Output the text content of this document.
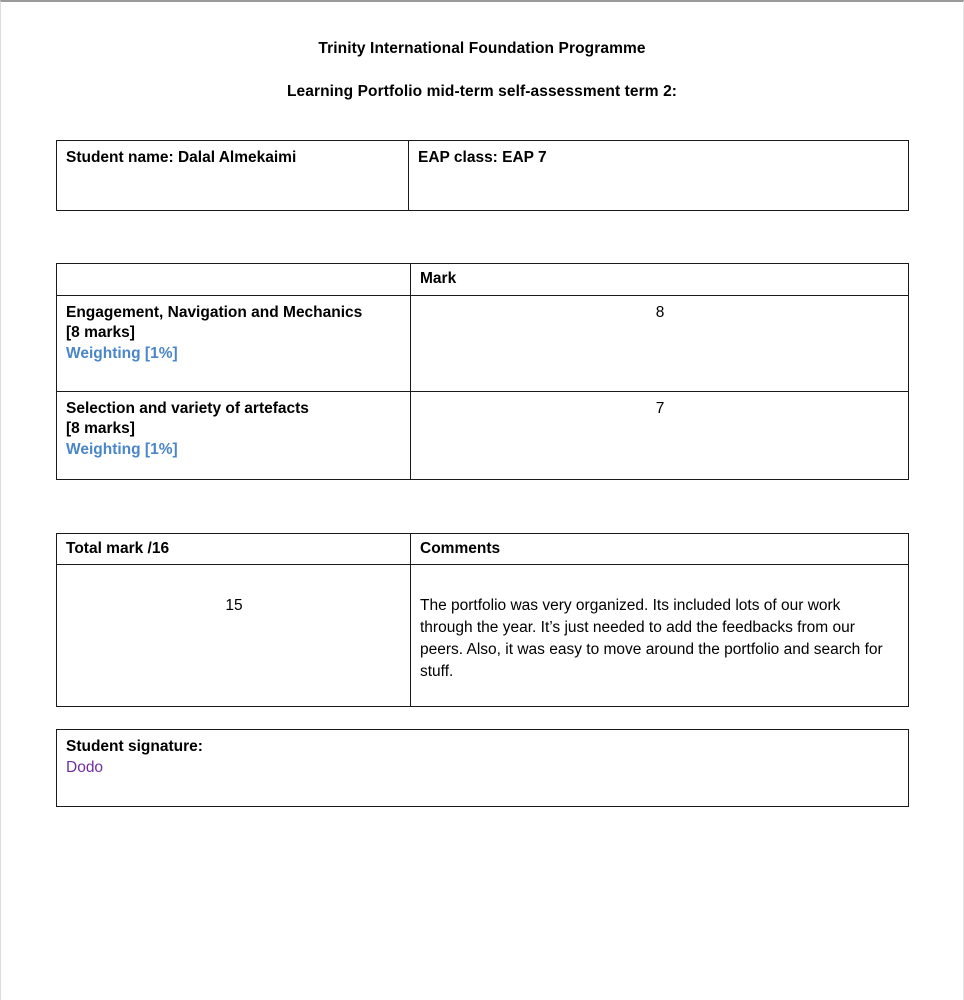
Trinity International Foundation Programme
Learning Portfolio mid-term self-assessment term 2:
Student name: Dalal Almekaimi	EAP class: EAP 7

	Mark

Engagement, Navigation and Mechanics
[8 marks]
Weighting [1%]	8

Selection and variety of artefacts
[8 marks]
Weighting [1%]	7
Total mark /16	Comments

15	The portfolio was very organized. Its included lots of our work through the year. It’s just needed to add the feedbacks from our peers. Also, it was easy to move around the portfolio and search for stuff.
Student signature:
Dodo
